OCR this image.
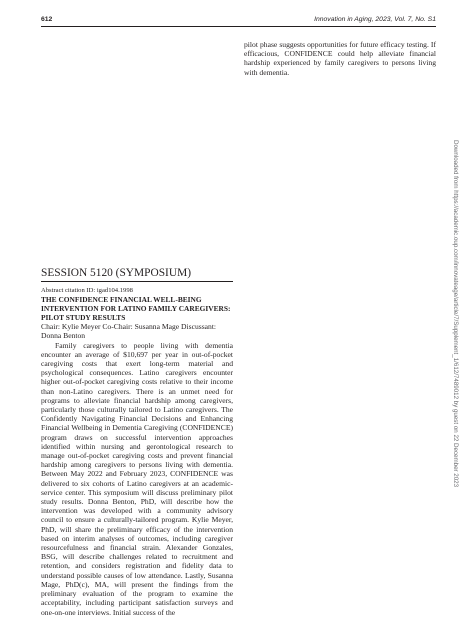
612	Innovation in Aging, 2023, Vol. 7, No. S1

pilot phase suggests opportunities for future efficacy testing. If efficacious, CONFIDENCE could help alleviate financial hardship experienced by family caregivers to persons living with dementia.

SESSION 5120 (SYMPOSIUM)

Abstract citation ID: igad104.1998

THE CONFIDENCE FINANCIAL WELL-BEING INTERVENTION FOR LATINO FAMILY CAREGIVERS: PILOT STUDY RESULTS

Chair: Kylie Meyer Co-Chair: Susanna Mage Discussant: Donna Benton

Family caregivers to people living with dementia encounter an average of $10,697 per year in out-of-pocket caregiving costs that exert long-term material and psychological consequences. Latino caregivers encounter higher out-of-pocket caregiving costs relative to their income than non-Latino caregivers. There is an unmet need for programs to alleviate financial hardship among caregivers, particularly those culturally tailored to Latino caregivers. The Confidently Navigating Financial Decisions and Enhancing Financial Wellbeing in Dementia Caregiving (CONFIDENCE) program draws on successful intervention approaches identified within nursing and gerontological research to manage out-of-pocket caregiving costs and prevent financial hardship among caregivers to persons living with dementia. Between May 2022 and February 2023, CONFIDENCE was delivered to six cohorts of Latino caregivers at an academic-service center. This symposium will discuss preliminary pilot study results. Donna Benton, PhD, will describe how the intervention was developed with a community advisory council to ensure a culturally-tailored program. Kylie Meyer, PhD, will share the preliminary efficacy of the intervention based on interim analyses of outcomes, including caregiver resourcefulness and financial strain. Alexander Gonzales, BSG, will describe challenges related to recruitment and retention, and considers registration and fidelity data to understand possible causes of low attendance. Lastly, Susanna Mage, PhD(c), MA, will present the findings from the preliminary evaluation of the program to examine the acceptability, including participant satisfaction surveys and one-on-one interviews. Initial success of the

Downloaded from https://academic.oup.com/innovateage/article/7/Supplement_1/612/7489012 by guest on 22 December 2023
